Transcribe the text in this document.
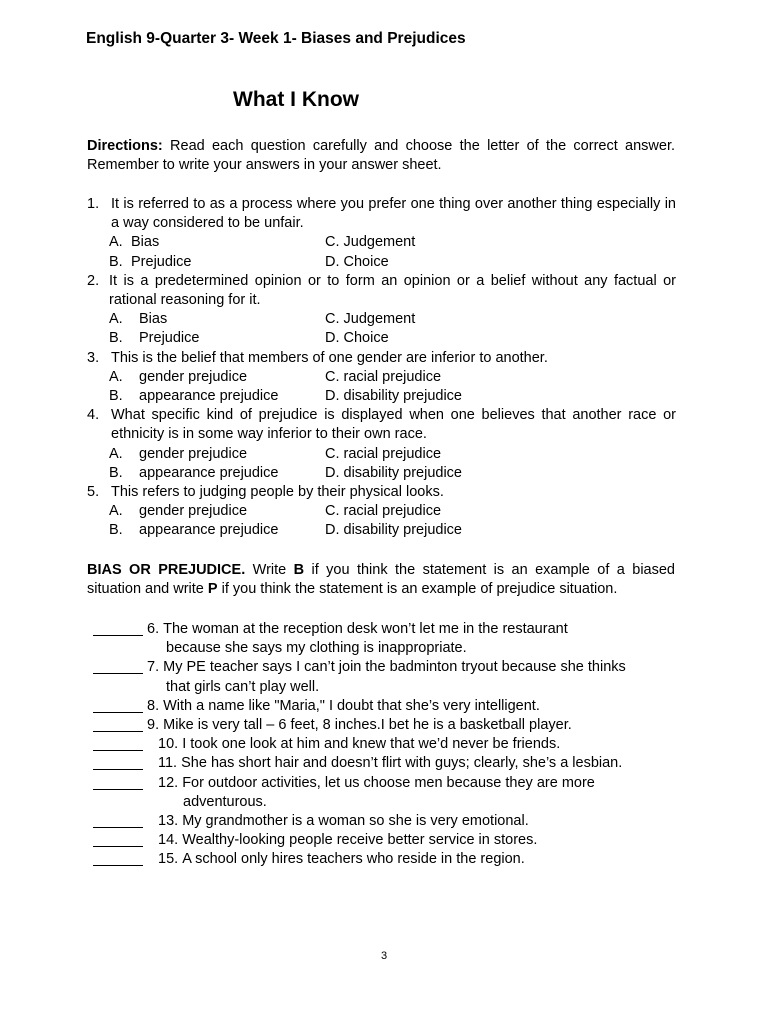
English 9-Quarter 3- Week 1- Biases and Prejudices
What I Know
Directions: Read each question carefully and choose the letter of the correct answer. Remember to write your answers in your answer sheet.
1. It is referred to as a process where you prefer one thing over another thing especially in a way considered to be unfair.
A. Bias	C. Judgement
B. Prejudice	D. Choice
2. It is a predetermined opinion or to form an opinion or a belief without any factual or rational reasoning for it.
A. Bias	C. Judgement
B. Prejudice	D. Choice
3. This is the belief that members of one gender are inferior to another.
A. gender prejudice	C. racial prejudice
B. appearance prejudice	D. disability prejudice
4. What specific kind of prejudice is displayed when one believes that another race or ethnicity is in some way inferior to their own race.
A. gender prejudice	C. racial prejudice
B. appearance prejudice	D. disability prejudice
5. This refers to judging people by their physical looks.
A. gender prejudice	C. racial prejudice
B. appearance prejudice	D. disability prejudice
BIAS OR PREJUDICE. Write B if you think the statement is an example of a biased situation and write P if you think the statement is an example of prejudice situation.
6.
The woman at the reception desk won’t let me in the restaurant
because she says my clothing is inappropriate.
7.
My PE teacher says I can’t join the badminton tryout because she thinks
that girls can’t play well.
8.
With a name like "Maria," I doubt that she’s very intelligent.
9.
Mike is very tall – 6 feet, 8 inches.I bet he is a basketball player.
10.
I took one look at him and knew that we’d never be friends.
11.
She has short hair and doesn’t flirt with guys; clearly, she’s a lesbian.
12.
For outdoor activities, let us choose men because they are more
adventurous.
13.
My grandmother is a woman so she is very emotional.
14.
Wealthy-looking people receive better service in stores.
15.
A school only hires teachers who reside in the region.
3
